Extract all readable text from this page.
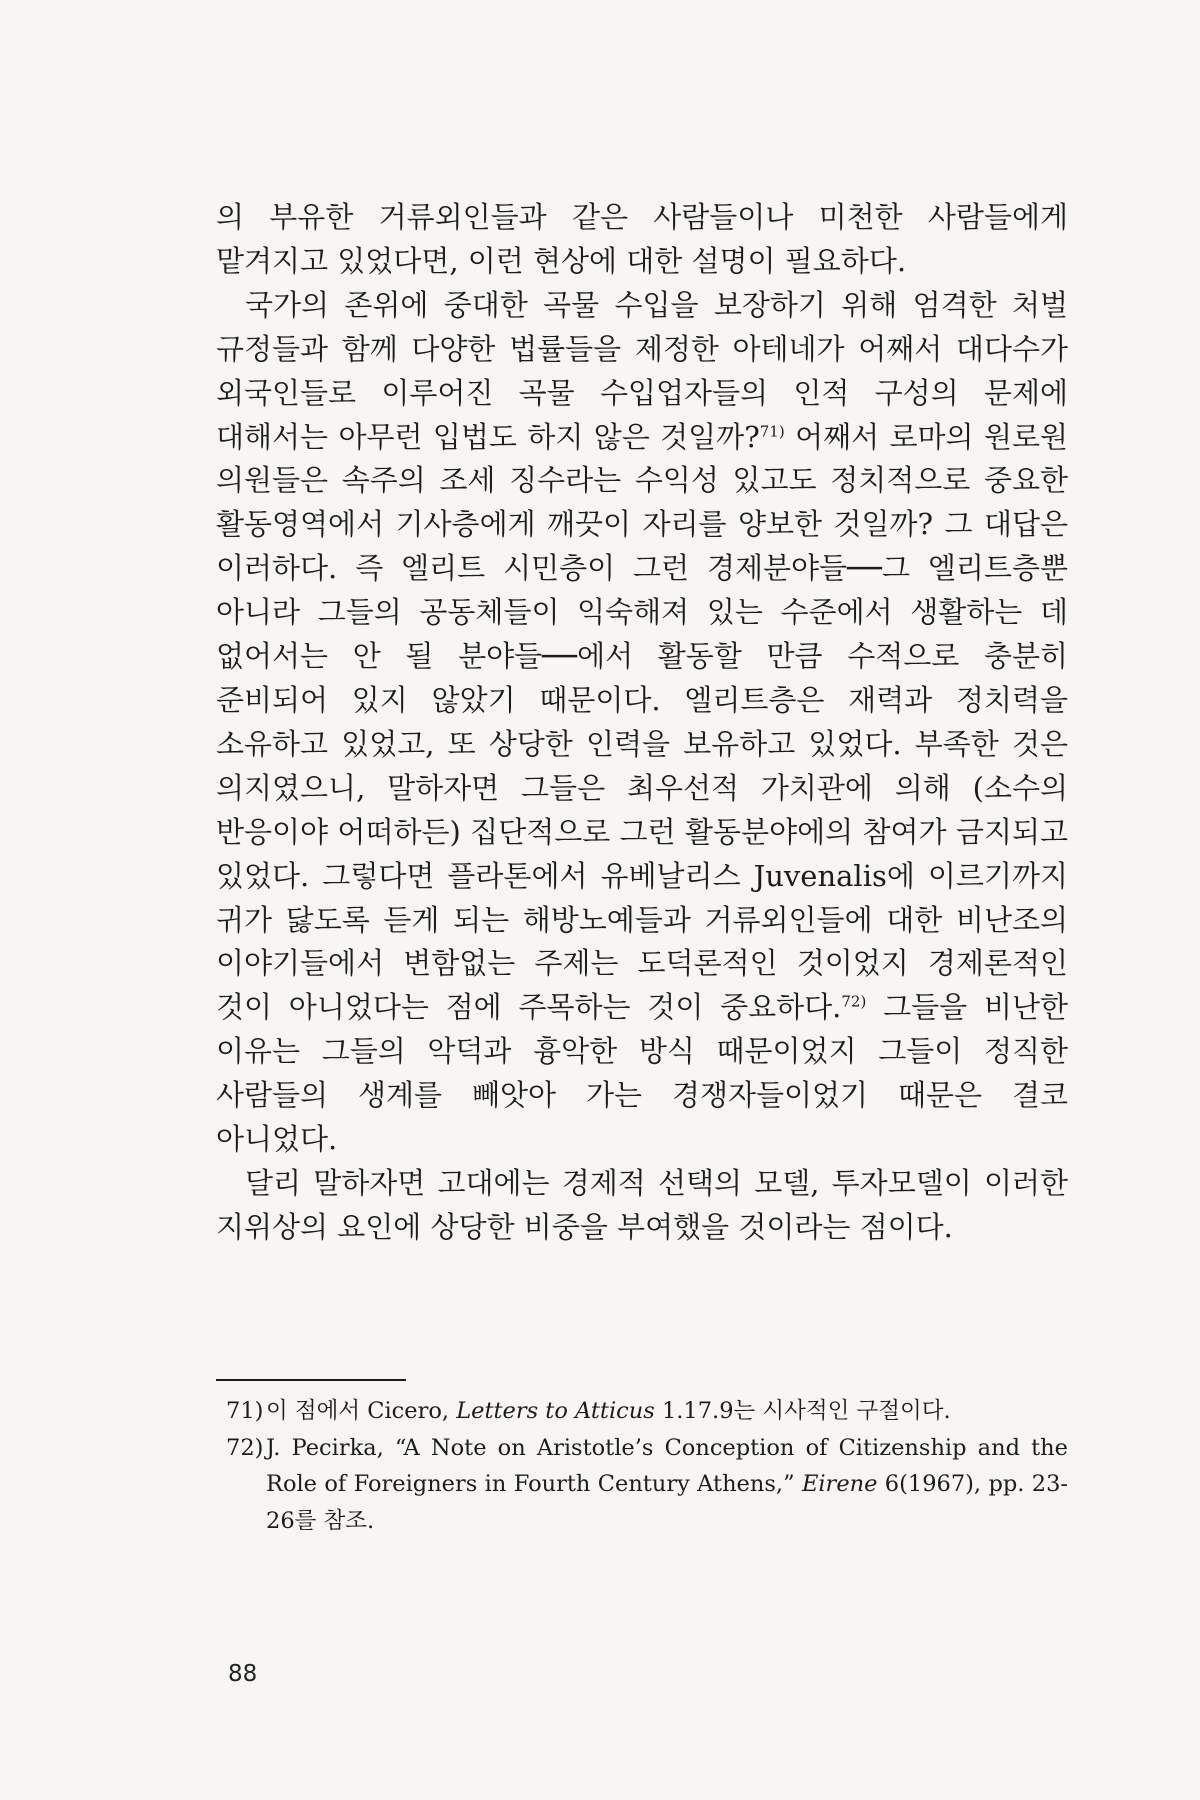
의 부유한 거류외인들과 같은 사람들이나 미천한 사람들에게 맡겨지고 있었다면, 이런 현상에 대한 설명이 필요하다.

국가의 존위에 중대한 곡물 수입을 보장하기 위해 엄격한 처벌 규정들과 함께 다양한 법률들을 제정한 아테네가 어째서 대다수가 외국인들로 이루어진 곡물 수입업자들의 인적 구성의 문제에 대해서는 아무런 입법도 하지 않은 것일까?$^{71)}$ 어째서 로마의 원로원 의원들은 속주의 조세 징수라는 수익성 있고도 정치적으로 중요한 활동영역에서 기사층에게 깨끗이 자리를 양보한 것일까? 그 대답은 이러하다. 즉 엘리트 시민층이 그런 경제분야들──그 엘리트층뿐 아니라 그들의 공동체들이 익숙해져 있는 수준에서 생활하는 데 없어서는 안 될 분야들──에서 활동할 만큼 수적으로 충분히 준비되어 있지 않았기 때문이다. 엘리트층은 재력과 정치력을 소유하고 있었고, 또 상당한 인력을 보유하고 있었다. 부족한 것은 의지였으니, 말하자면 그들은 최우선적 가치관에 의해 (소수의 반응이야 어떠하든) 집단적으로 그런 활동분야에의 참여가 금지되고 있었다. 그렇다면 플라톤에서 유베날리스 Juvenalis에 이르기까지 귀가 닳도록 듣게 되는 해방노예들과 거류외인들에 대한 비난조의 이야기들에서 변함없는 주제는 도덕론적인 것이었지 경제론적인 것이 아니었다는 점에 주목하는 것이 중요하다.$^{72)}$ 그들을 비난한 이유는 그들의 악덕과 흉악한 방식 때문이었지 그들이 정직한 사람들의 생계를 빼앗아 가는 경쟁자들이었기 때문은 결코 아니었다.

달리 말하자면 고대에는 경제적 선택의 모델, 투자모델이 이러한 지위상의 요인에 상당한 비중을 부여했을 것이라는 점이다.

71) 이 점에서 Cicero, Letters to Atticus 1.17.9는 시사적인 구절이다.
72) J. Pecirka, “A Note on Aristotle’s Conception of Citizenship and the Role of Foreigners in Fourth Century Athens,” Eirene 6(1967), pp. 23-26를 참조.
88
